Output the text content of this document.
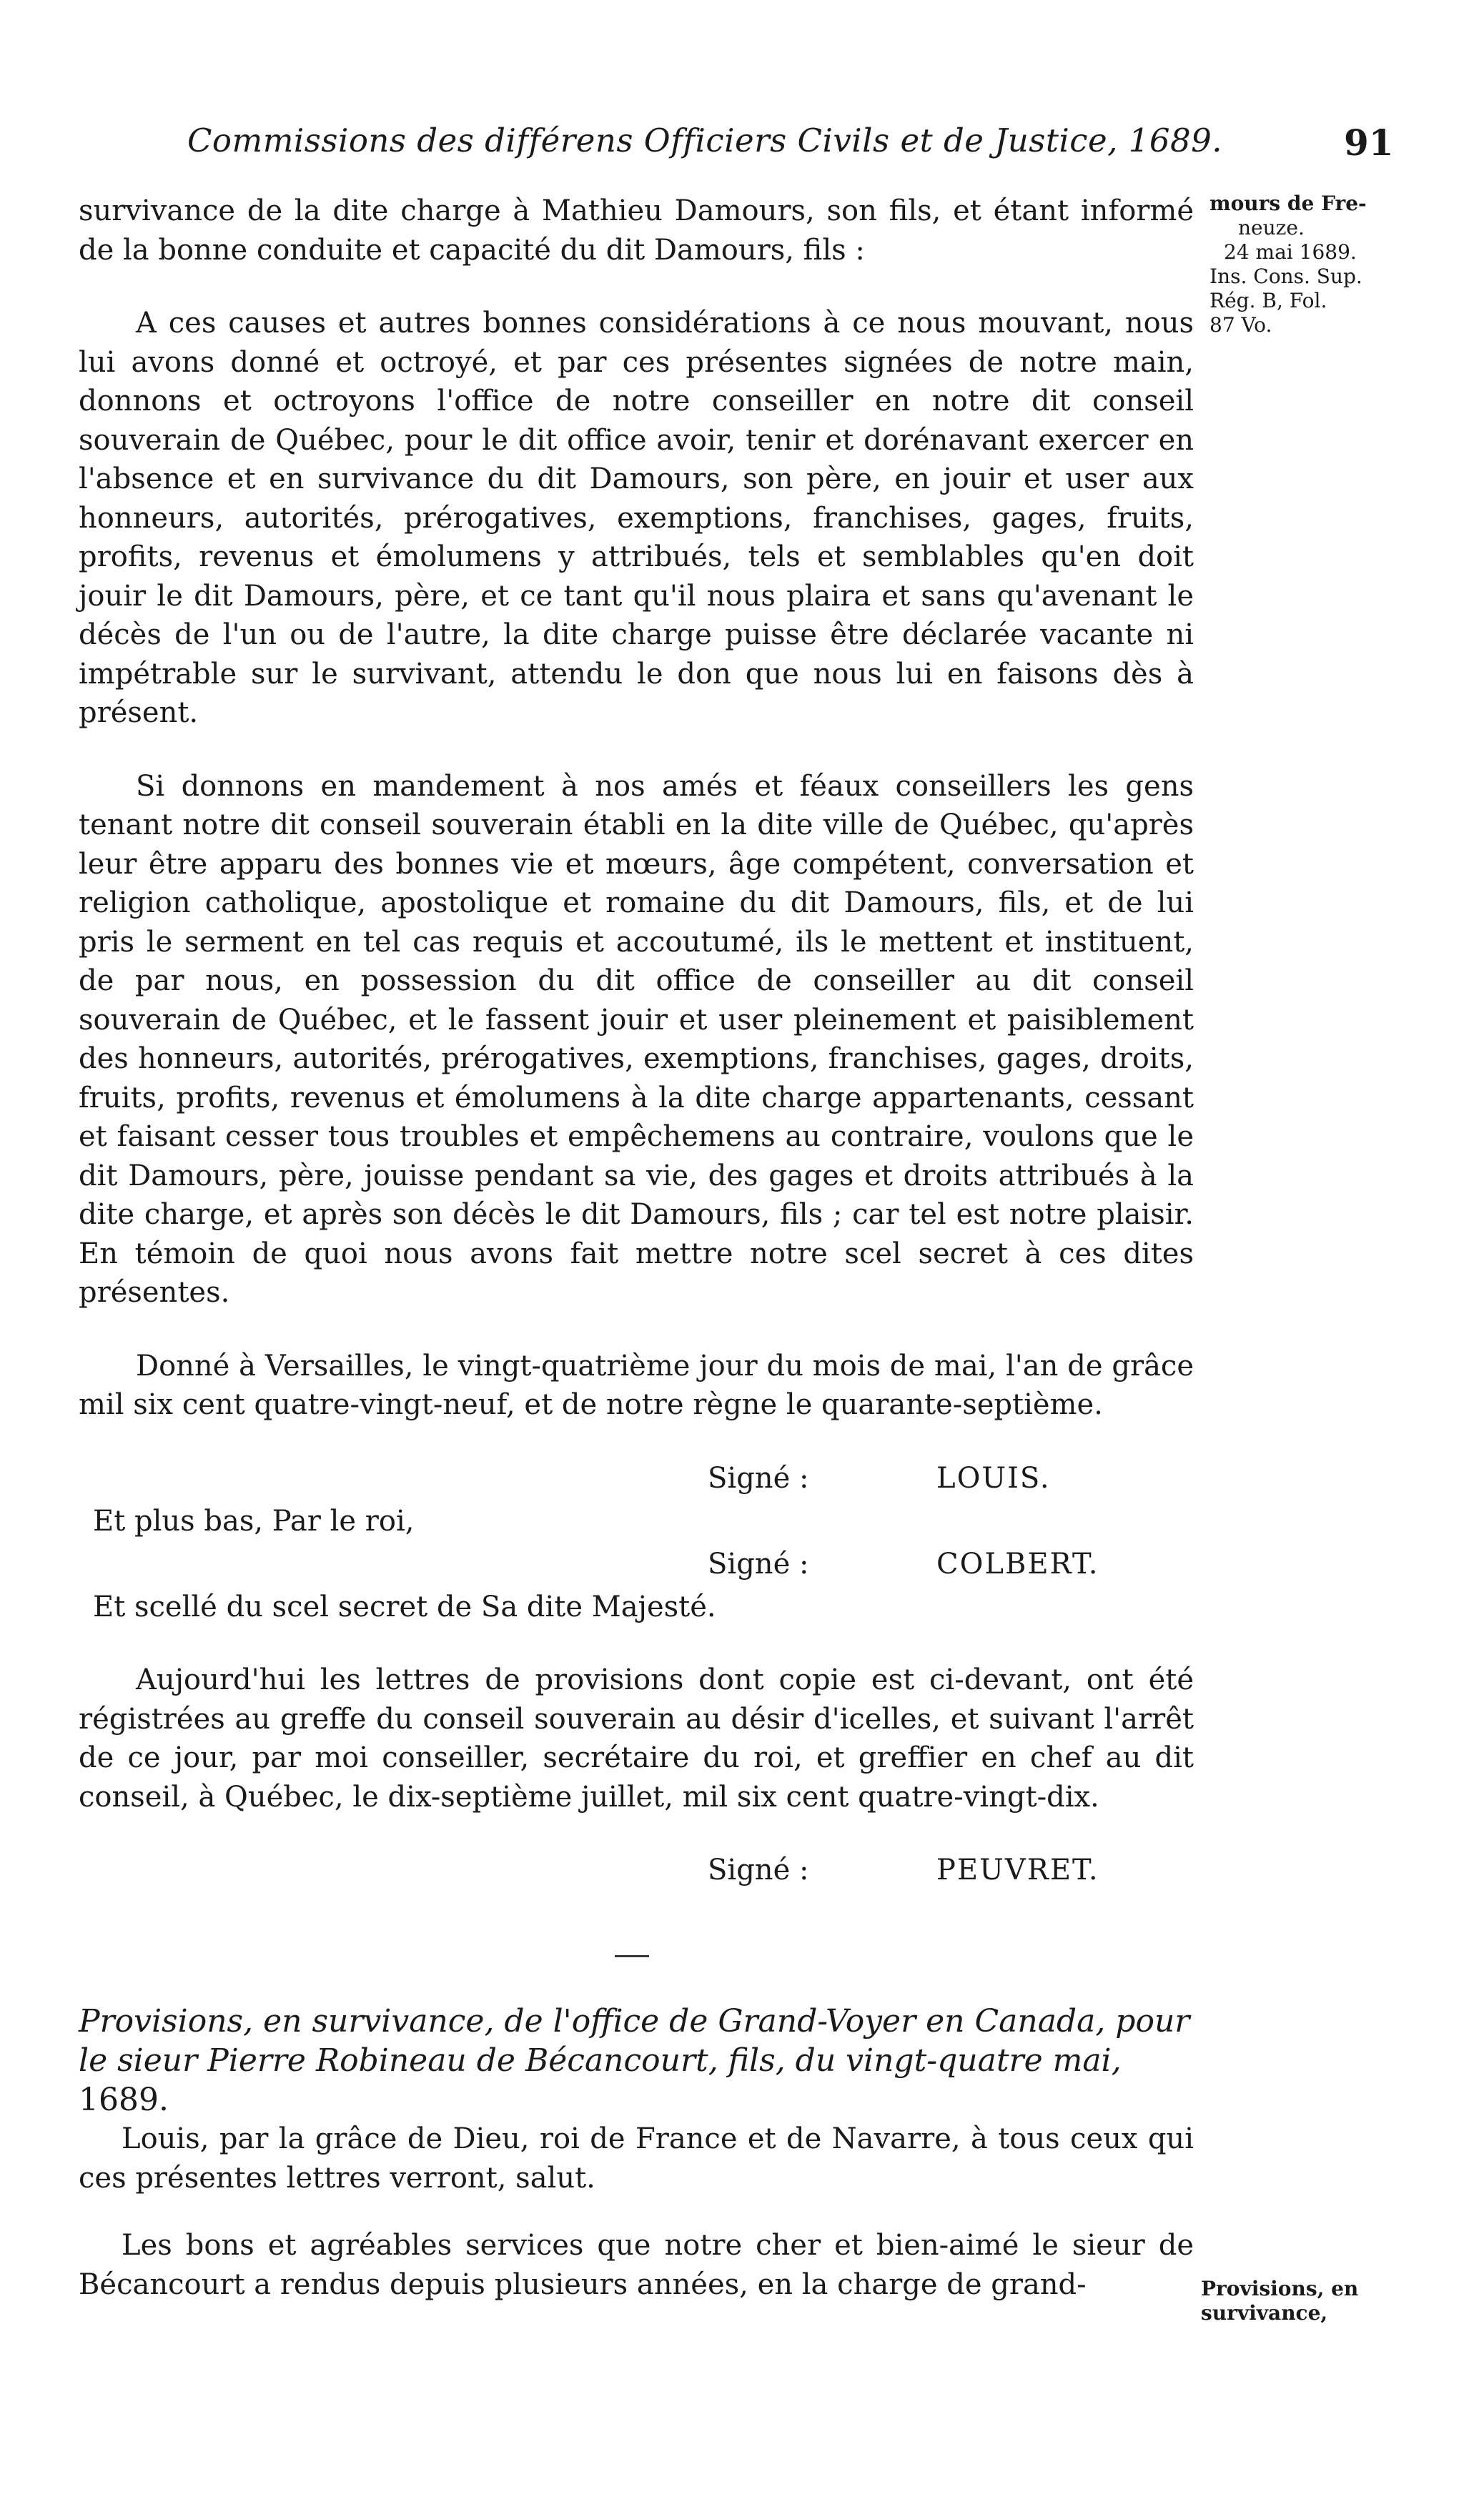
Commissions des différens Officiers Civils et de Justice, 1689.	91
mours de Fre-
neuze.
24 mai 1689.
Ins. Cons. Sup.
Rég. B, Fol.
87 Vo.

survivance de la dite charge à Mathieu Damours, son fils, et étant informé de la bonne conduite et capacité du dit Damours, fils :

A ces causes et autres bonnes considérations à ce nous mouvant, nous lui avons donné et octroyé, et par ces présentes signées de notre main, donnons et octroyons l'office de notre conseiller en notre dit conseil souverain de Québec, pour le dit office avoir, tenir et dorénavant exercer en l'absence et en survivance du dit Damours, son père, en jouir et user aux honneurs, autorités, prérogatives, exemptions, franchises, gages, fruits, profits, revenus et émolumens y attribués, tels et semblables qu'en doit jouir le dit Damours, père, et ce tant qu'il nous plaira et sans qu'avenant le décès de l'un ou de l'autre, la dite charge puisse être déclarée vacante ni impétrable sur le survivant, attendu le don que nous lui en faisons dès à présent.

Si donnons en mandement à nos amés et féaux conseillers les gens tenant notre dit conseil souverain établi en la dite ville de Québec, qu'après leur être apparu des bonnes vie et mœurs, âge compétent, conversation et religion catholique, apostolique et romaine du dit Damours, fils, et de lui pris le serment en tel cas requis et accoutumé, ils le mettent et instituent, de par nous, en possession du dit office de conseiller au dit conseil souverain de Québec, et le fassent jouir et user pleinement et paisiblement des honneurs, autorités, prérogatives, exemptions, franchises, gages, droits, fruits, profits, revenus et émolumens à la dite charge appartenants, cessant et faisant cesser tous troubles et empêchemens au contraire, voulons que le dit Damours, père, jouisse pendant sa vie, des gages et droits attribués à la dite charge, et après son décès le dit Damours, fils ; car tel est notre plaisir. En témoin de quoi nous avons fait mettre notre scel secret à ces dites présentes.

Donné à Versailles, le vingt-quatrième jour du mois de mai, l'an de grâce mil six cent quatre-vingt-neuf, et de notre règne le quarante-septième.

Signé :	LOUIS.
Et plus bas, Par le roi,
Signé :	COLBERT.
Et scellé du scel secret de Sa dite Majesté.

Aujourd'hui les lettres de provisions dont copie est ci-devant, ont été régistrées au greffe du conseil souverain au désir d'icelles, et suivant l'arrêt de ce jour, par moi conseiller, secrétaire du roi, et greffier en chef au dit conseil, à Québec, le dix-septième juillet, mil six cent quatre-vingt-dix.

Signé :	PEUVRET.
Provisions, en survivance, de l'office de Grand-Voyer en Canada, pour le sieur Pierre Robineau de Bécancourt, fils, du vingt-quatre mai, 1689.

Louis, par la grâce de Dieu, roi de France et de Navarre, à tous ceux qui ces présentes lettres verront, salut.

Les bons et agréables services que notre cher et bien-aimé le sieur de Bécancourt a rendus depuis plusieurs années, en la charge de grand-	Provisions, en
survivance,
